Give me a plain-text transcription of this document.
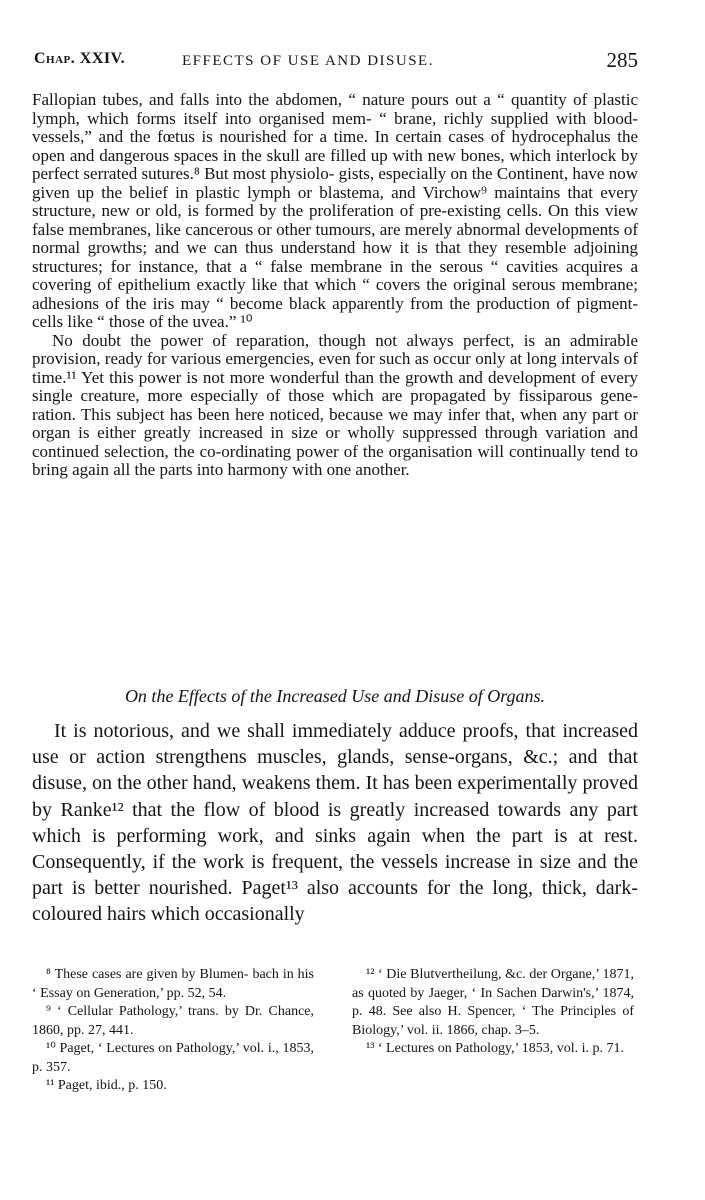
Chap. XXIV.	EFFECTS OF USE AND DISUSE.	285

Fallopian tubes, and falls into the abdomen, “ nature pours out a “ quantity of plastic lymph, which forms itself into organised mem- “ brane, richly supplied with blood-vessels,” and the fœtus is nourished for a time. In certain cases of hydrocephalus the open and dangerous spaces in the skull are filled up with new bones, which interlock by perfect serrated sutures.⁸ But most physiolo- gists, especially on the Continent, have now given up the belief in plastic lymph or blastema, and Virchow⁹ maintains that every structure, new or old, is formed by the proliferation of pre-existing cells. On this view false membranes, like cancerous or other tumours, are merely abnormal developments of normal growths; and we can thus understand how it is that they resemble adjoining structures; for instance, that a “ false membrane in the serous “ cavities acquires a covering of epithelium exactly like that which “ covers the original serous membrane; adhesions of the iris may “ become black apparently from the production of pigment-cells like “ those of the uvea.” ¹⁰

No doubt the power of reparation, though not always perfect, is an admirable provision, ready for various emergencies, even for such as occur only at long intervals of time.¹¹ Yet this power is not more wonderful than the growth and development of every single creature, more especially of those which are propagated by fissiparous gene- ration. This subject has been here noticed, because we may infer that, when any part or organ is either greatly increased in size or wholly suppressed through variation and continued selection, the co-ordinating power of the organisation will continually tend to bring again all the parts into harmony with one another.

On the Effects of the Increased Use and Disuse of Organs.

It is notorious, and we shall immediately adduce proofs, that increased use or action strengthens muscles, glands, sense-organs, &c.; and that disuse, on the other hand, weakens them. It has been experimentally proved by Ranke¹² that the flow of blood is greatly increased towards any part which is performing work, and sinks again when the part is at rest. Consequently, if the work is frequent, the vessels increase in size and the part is better nourished. Paget¹³ also accounts for the long, thick, dark-coloured hairs which occasionally

⁸ These cases are given by Blumen- bach in his ‘ Essay on Generation,’ pp. 52, 54.

⁹ ‘ Cellular Pathology,’ trans. by Dr. Chance, 1860, pp. 27, 441.

¹⁰ Paget, ‘ Lectures on Pathology,’ vol. i., 1853, p. 357.

¹¹ Paget, ibid., p. 150.

¹² ‘ Die Blutvertheilung, &c. der Organe,’ 1871, as quoted by Jaeger, ‘ In Sachen Darwin's,’ 1874, p. 48. See also H. Spencer, ‘ The Principles of Biology,’ vol. ii. 1866, chap. 3–5.

¹³ ‘ Lectures on Pathology,’ 1853, vol. i. p. 71.
